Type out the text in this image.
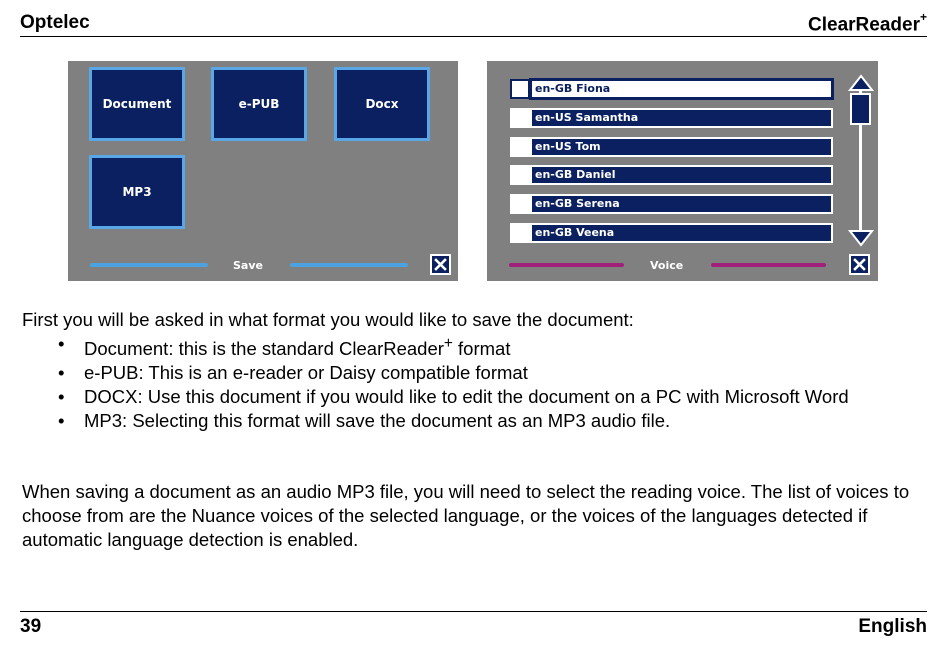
Optelec	ClearReader+
Document	e-PUB	Docx
MP3
Save
en-GB Fiona
en-US Samantha
en-US Tom
en-GB Daniel
en-GB Serena
en-GB Veena
Voice
First you will be asked in what format you would like to save the document:
• Document: this is the standard ClearReader+ format
• e-PUB: This is an e-reader or Daisy compatible format
• DOCX: Use this document if you would like to edit the document on a PC with Microsoft Word
• MP3: Selecting this format will save the document as an MP3 audio file.
When saving a document as an audio MP3 file, you will need to select the reading voice. The list of voices to choose from are the Nuance voices of the selected language, or the voices of the languages detected if automatic language detection is enabled.
39	English
